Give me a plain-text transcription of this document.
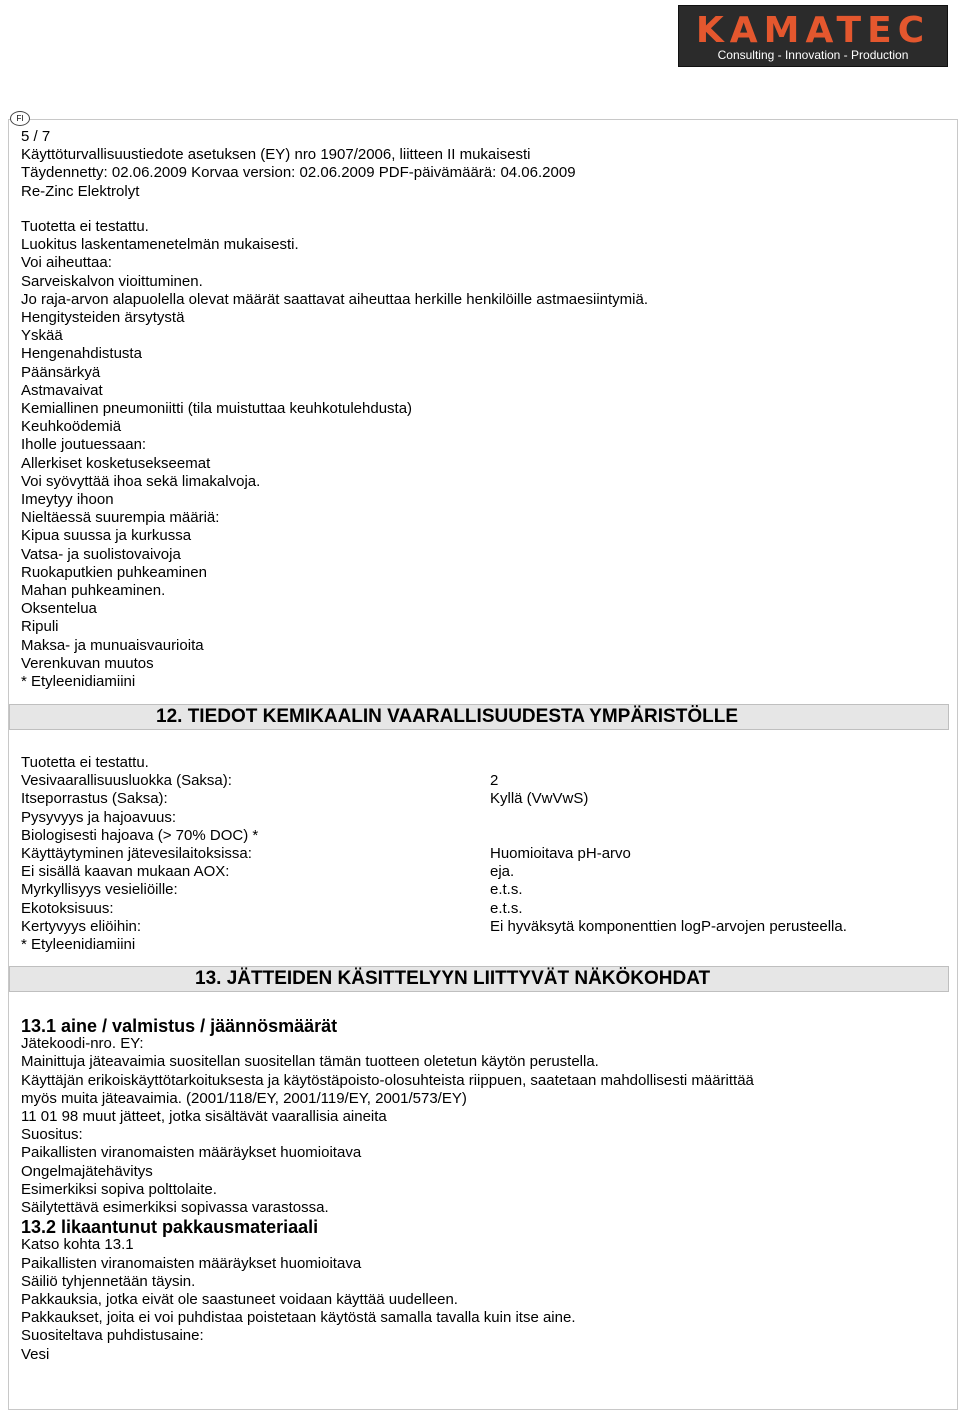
KAMATEC
Consulting - Innovation - Production
FI
5 / 7
Käyttöturvallisuustiedote asetuksen (EY) nro 1907/2006, liitteen II mukaisesti
Täydennetty: 02.06.2009 Korvaa version: 02.06.2009 PDF-päivämäärä: 04.06.2009
Re-Zinc Elektrolyt
Tuotetta ei testattu.
Luokitus laskentamenetelmän mukaisesti.
Voi aiheuttaa:
Sarveiskalvon vioittuminen.
Jo raja-arvon alapuolella olevat määrät saattavat aiheuttaa herkille henkilöille astmaesiintymiä.
Hengitysteiden ärsytystä
Yskää
Hengenahdistusta
Päänsärkyä
Astmavaivat
Kemiallinen pneumoniitti (tila muistuttaa keuhkotulehdusta)
Keuhkoödemiä
Iholle joutuessaan:
Allerkiset kosketusekseemat
Voi syövyttää ihoa sekä limakalvoja.
Imeytyy ihoon
Nieltäessä suurempia määriä:
Kipua suussa ja kurkussa
Vatsa- ja suolistovaivoja
Ruokaputkien puhkeaminen
Mahan puhkeaminen.
Oksentelua
Ripuli
Maksa- ja munuaisvaurioita
Verenkuvan muutos
* Etyleenidiamiini
12. TIEDOT KEMIKAALIN VAARALLISUUDESTA YMPÄRISTÖLLE
Tuotetta ei testattu.
Vesivaarallisuusluokka (Saksa):	2
Itseporrastus (Saksa):	Kyllä (VwVwS)
Pysyvyys ja hajoavuus:
Biologisesti hajoava (> 70% DOC) *
Käyttäytyminen jätevesilaitoksissa:	Huomioitava pH-arvo
Ei sisällä kaavan mukaan AOX:	eja.
Myrkyllisyys vesieliöille:	e.t.s.
Ekotoksisuus:	e.t.s.
Kertyvyys eliöihin:	Ei hyväksytä komponenttien logP-arvojen perusteella.
* Etyleenidiamiini
13. JÄTTEIDEN KÄSITTELYYN LIITTYVÄT NÄKÖKOHDAT
13.1 aine / valmistus / jäännösmäärät
Jätekoodi-nro. EY:
Mainittuja jäteavaimia suositellan suositellan tämän tuotteen oletetun käytön perustella.
Käyttäjän erikoiskäyttötarkoituksesta ja käytöstäpoisto-olosuhteista riippuen, saatetaan mahdollisesti määrittää
myös muita jäteavaimia. (2001/118/EY, 2001/119/EY, 2001/573/EY)
11 01 98 muut jätteet, jotka sisältävät vaarallisia aineita
Suositus:
Paikallisten viranomaisten määräykset huomioitava
Ongelmajätehävitys
Esimerkiksi sopiva polttolaite.
Säilytettävä esimerkiksi sopivassa varastossa.
13.2 likaantunut pakkausmateriaali
Katso kohta 13.1
Paikallisten viranomaisten määräykset huomioitava
Säiliö tyhjennetään täysin.
Pakkauksia, jotka eivät ole saastuneet voidaan käyttää uudelleen.
Pakkaukset, joita ei voi puhdistaa poistetaan käytöstä samalla tavalla kuin itse aine.
Suositeltava puhdistusaine:
Vesi
